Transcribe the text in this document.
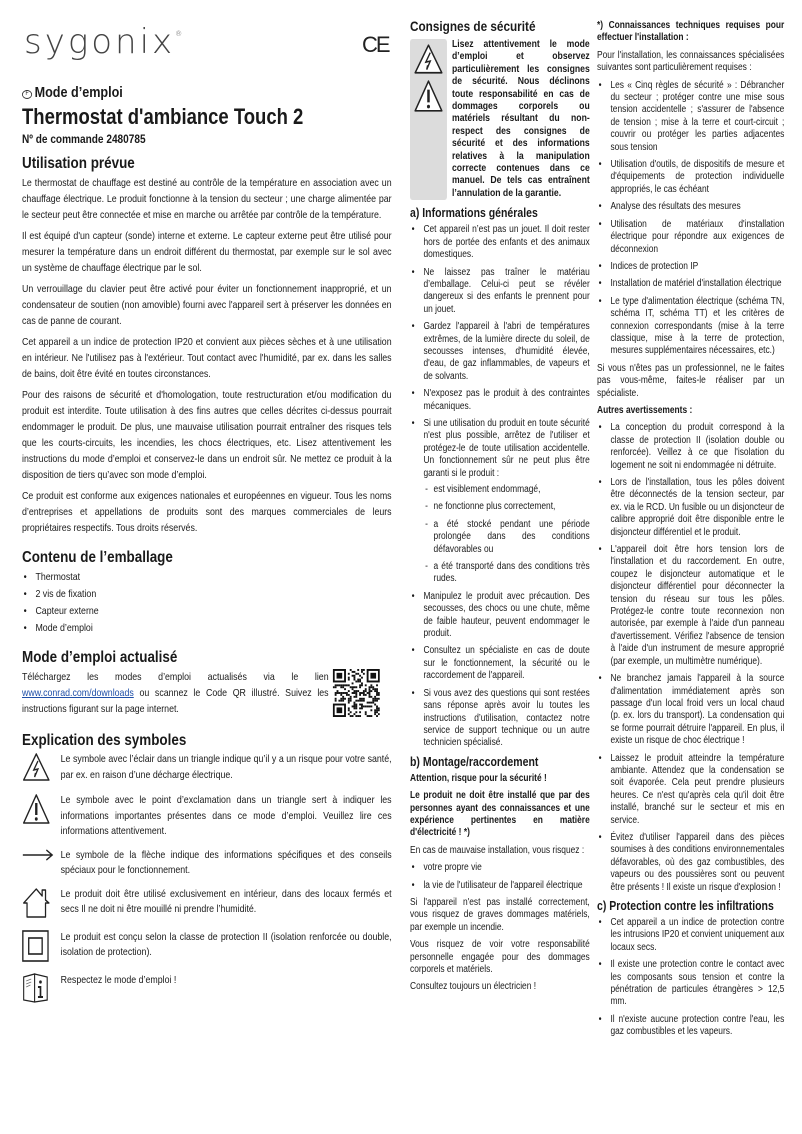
sygonix®	CE
F Mode d’emploi
Thermostat d'ambiance Touch 2
Nº de commande 2480785
Utilisation prévue

Le thermostat de chauffage est destiné au contrôle de la température en association avec un chauffage électrique. Le produit fonctionne à la tension du secteur ; une charge alimentée par le secteur peut être connectée et mise en marche ou arrêtée par contrôle de la température.

Il est équipé d'un capteur (sonde) interne et externe. Le capteur externe peut être utilisé pour mesurer la température dans un endroit différent du thermostat, par exemple sur le sol avec un système de chauffage électrique par le sol.

Un verrouillage du clavier peut être activé pour éviter un fonctionnement inapproprié, et un condensateur de soutien (non amovible) fourni avec l'appareil sert à préserver les données en cas de panne de courant.

Cet appareil a un indice de protection IP20 et convient aux pièces sèches et à une utilisation en intérieur. Ne l'utilisez pas à l'extérieur. Tout contact avec l'humidité, par ex. dans les salles de bains, doit être évité en toutes circonstances.

Pour des raisons de sécurité et d'homologation, toute restructuration et/ou modification du produit est interdite. Toute utilisation à des fins autres que celles décrites ci-dessus pourrait endommager le produit. De plus, une mauvaise utilisation pourrait entraîner des risques tels que les courts-circuits, les incendies, les chocs électriques, etc. Lisez attentivement les instructions du mode d’emploi et conservez-le dans un endroit sûr. Ne mettez ce produit à la disposition de tiers qu’avec son mode d’emploi.

Ce produit est conforme aux exigences nationales et européennes en vigueur. Tous les noms d’entreprises et appellations de produits sont des marques commerciales de leurs propriétaires respectifs. Tous droits réservés.

Contenu de l’emballage
• Thermostat
• 2 vis de fixation
• Capteur externe
• Mode d’emploi
Mode d’emploi actualisé

Téléchargez les modes d’emploi actualisés via le lien www.conrad.com/downloads ou scannez le Code QR illustré. Suivez les instructions figurant sur la page internet.

Explication des symboles
Le symbole avec l’éclair dans un triangle indique qu’il y a un risque pour votre santé, par ex. en raison d’une décharge électrique.
Le symbole avec le point d’exclamation dans un triangle sert à indiquer les informations importantes présentes dans ce mode d’emploi. Veuillez lire ces informations attentivement.
Le symbole de la flèche indique des informations spécifiques et des conseils spéciaux pour le fonctionnement.
Le produit doit être utilisé exclusivement en intérieur, dans des locaux fermés et secs Il ne doit ni être mouillé ni prendre l’humidité.
Le produit est conçu selon la classe de protection II (isolation renforcée ou double, isolation de protection).
Respectez le mode d’emploi !
Consignes de sécurité
Lisez attentivement le mode d’emploi et observez particulièrement les consignes de sécurité. Nous déclinons toute responsabilité en cas de dommages corporels ou matériels résultant du non-respect des consignes de sécurité et des informations relatives à la manipulation correcte contenues dans ce manuel. De tels cas entraînent l’annulation de la garantie.
a) Informations générales
• Cet appareil n’est pas un jouet. Il doit rester hors de portée des enfants et des animaux domestiques.
• Ne laissez pas traîner le matériau d’emballage. Celui-ci peut se révéler dangereux si des enfants le prennent pour un jouet.
• Gardez l'appareil à l'abri de températures extrêmes, de la lumière directe du soleil, de secousses intenses, d'humidité élevée, d'eau, de gaz inflammables, de vapeurs et de solvants.
• N'exposez pas le produit à des contraintes mécaniques.
• Si une utilisation du produit en toute sécurité n'est plus possible, arrêtez de l'utiliser et protégez-le de toute utilisation accidentelle. Un fonctionnement sûr ne peut plus être garanti si le produit :
- est visiblement endommagé,
- ne fonctionne plus correctement,
- a été stocké pendant une période prolongée dans des conditions défavorables ou
- a été transporté dans des conditions très rudes.
• Manipulez le produit avec précaution. Des secousses, des chocs ou une chute, même de faible hauteur, peuvent endommager le produit.
• Consultez un spécialiste en cas de doute sur le fonctionnement, la sécurité ou le raccordement de l'appareil.
• Si vous avez des questions qui sont restées sans réponse après avoir lu toutes les instructions d’utilisation, contactez notre service de support technique ou un autre technicien spécialisé.
b) Montage/raccordement

Attention, risque pour la sécurité !

Le produit ne doit être installé que par des personnes ayant des connaissances et une expérience pertinentes en matière d'électricité ! *)

En cas de mauvaise installation, vous risquez :

• votre propre vie
• la vie de l'utilisateur de l'appareil électrique

Si l'appareil n'est pas installé correctement, vous risquez de graves dommages matériels, par exemple un incendie.

Vous risquez de voir votre responsabilité personnelle engagée pour des dommages corporels et matériels.

Consultez toujours un électricien !

*) Connaissances techniques requises pour effectuer l'installation :

Pour l'installation, les connaissances spécialisées suivantes sont particulièrement requises :

• Les « Cinq règles de sécurité » : Débrancher du secteur ; protéger contre une mise sous tension accidentelle ; s'assurer de l'absence de tension ; mise à la terre et court-circuit ; couvrir ou protéger les parties adjacentes sous tension
• Utilisation d'outils, de dispositifs de mesure et d'équipements de protection individuelle appropriés, le cas échéant
• Analyse des résultats des mesures
• Utilisation de matériaux d'installation électrique pour répondre aux exigences de déconnexion
• Indices de protection IP
• Installation de matériel d'installation électrique
• Le type d'alimentation électrique (schéma TN, schéma IT, schéma TT) et les critères de connexion correspondants (mise à la terre classique, mise à la terre de protection, mesures supplémentaires nécessaires, etc.)

Si vous n'êtes pas un professionnel, ne le faites pas vous-même, faites-le réaliser par un spécialiste.

Autres avertissements :

• La conception du produit correspond à la classe de protection II (isolation double ou renforcée). Veillez à ce que l'isolation du logement ne soit ni endommagée ni détruite.
• Lors de l'installation, tous les pôles doivent être déconnectés de la tension secteur, par ex. via le RCD. Un fusible ou un disjoncteur de calibre approprié doit être disponible entre le disjoncteur différentiel et le produit.
• L'appareil doit être hors tension lors de l'installation et du raccordement. En outre, coupez le disjoncteur automatique et le disjoncteur différentiel pour déconnecter la tension du réseau sur tous les pôles. Protégez-le contre toute reconnexion non autorisée, par exemple à l'aide d'un panneau d'avertissement. Vérifiez l'absence de tension à l'aide d'un instrument de mesure approprié (par exemple, un multimètre numérique).
• Ne branchez jamais l'appareil à la source d'alimentation immédiatement après son passage d'un local froid vers un local chaud (p. ex. lors du transport). La condensation qui se forme pourrait détruire l'appareil. En plus, il existe un risque de choc électrique !
• Laissez le produit atteindre la température ambiante. Attendez que la condensation se soit évaporée. Cela peut prendre plusieurs heures. Ce n'est qu'après cela qu'il doit être installé, branché sur le secteur et mis en service.
• Évitez d'utiliser l'appareil dans des pièces soumises à des conditions environnementales défavorables, où des gaz combustibles, des vapeurs ou des poussières sont ou peuvent être présents ! Il existe un risque d'explosion !
c) Protection contre les infiltrations
• Cet appareil a un indice de protection contre les intrusions IP20 et convient uniquement aux locaux secs.
• Il existe une protection contre le contact avec les composants sous tension et contre la pénétration de particules étrangères > 12,5 mm.
• Il n'existe aucune protection contre l'eau, les gaz combustibles et les vapeurs.
